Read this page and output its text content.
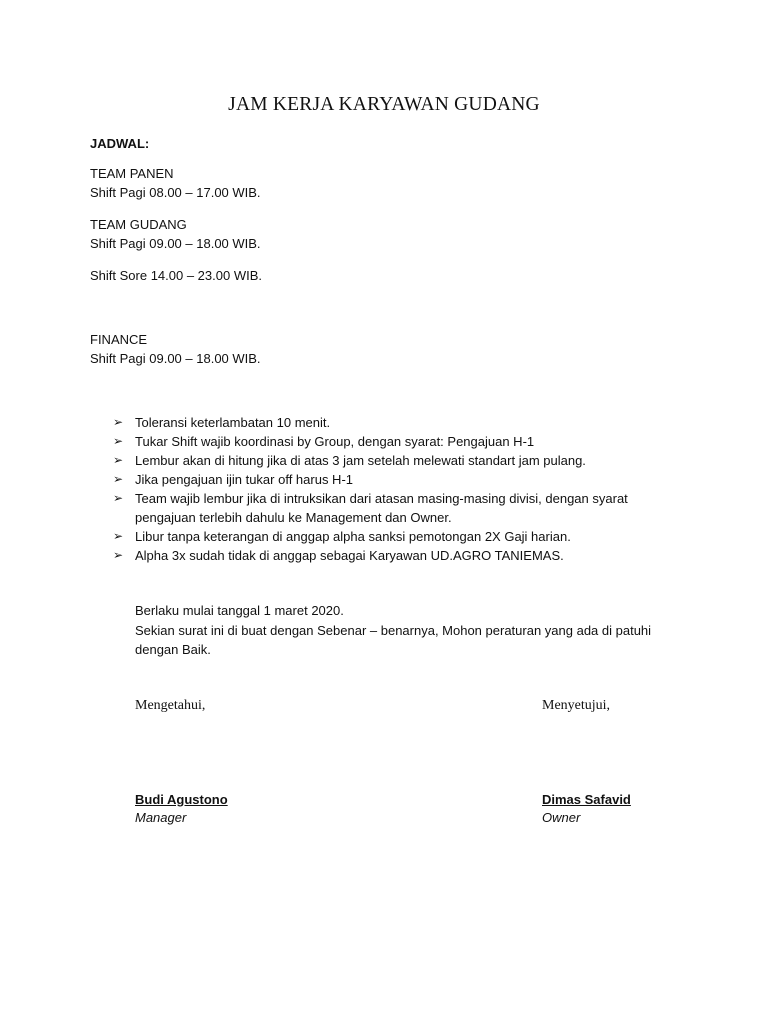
JAM KERJA KARYAWAN GUDANG
JADWAL:
TEAM PANEN
Shift Pagi 08.00 – 17.00 WIB.
TEAM GUDANG
Shift Pagi 09.00 – 18.00 WIB.
Shift Sore 14.00 – 23.00 WIB.
FINANCE
Shift Pagi 09.00 – 18.00 WIB.
➢ Toleransi keterlambatan 10 menit.
➢ Tukar Shift wajib koordinasi by Group, dengan syarat: Pengajuan H-1
➢ Lembur akan di hitung jika di atas 3 jam setelah melewati standart jam pulang.
➢ Jika pengajuan ijin tukar off harus H-1
➢ Team wajib lembur jika di intruksikan dari atasan masing-masing divisi, dengan syarat pengajuan terlebih dahulu ke Management dan Owner.
➢ Libur tanpa keterangan di anggap alpha sanksi pemotongan 2X Gaji harian.
➢ Alpha 3x sudah tidak di anggap sebagai Karyawan UD.AGRO TANIEMAS.
Berlaku mulai tanggal 1 maret 2020.
Sekian surat ini di buat dengan Sebenar – benarnya, Mohon peraturan yang ada di patuhi dengan Baik.
Mengetahui,	Menyetujui,
Budi Agustono
Manager
Dimas Safavid
Owner
